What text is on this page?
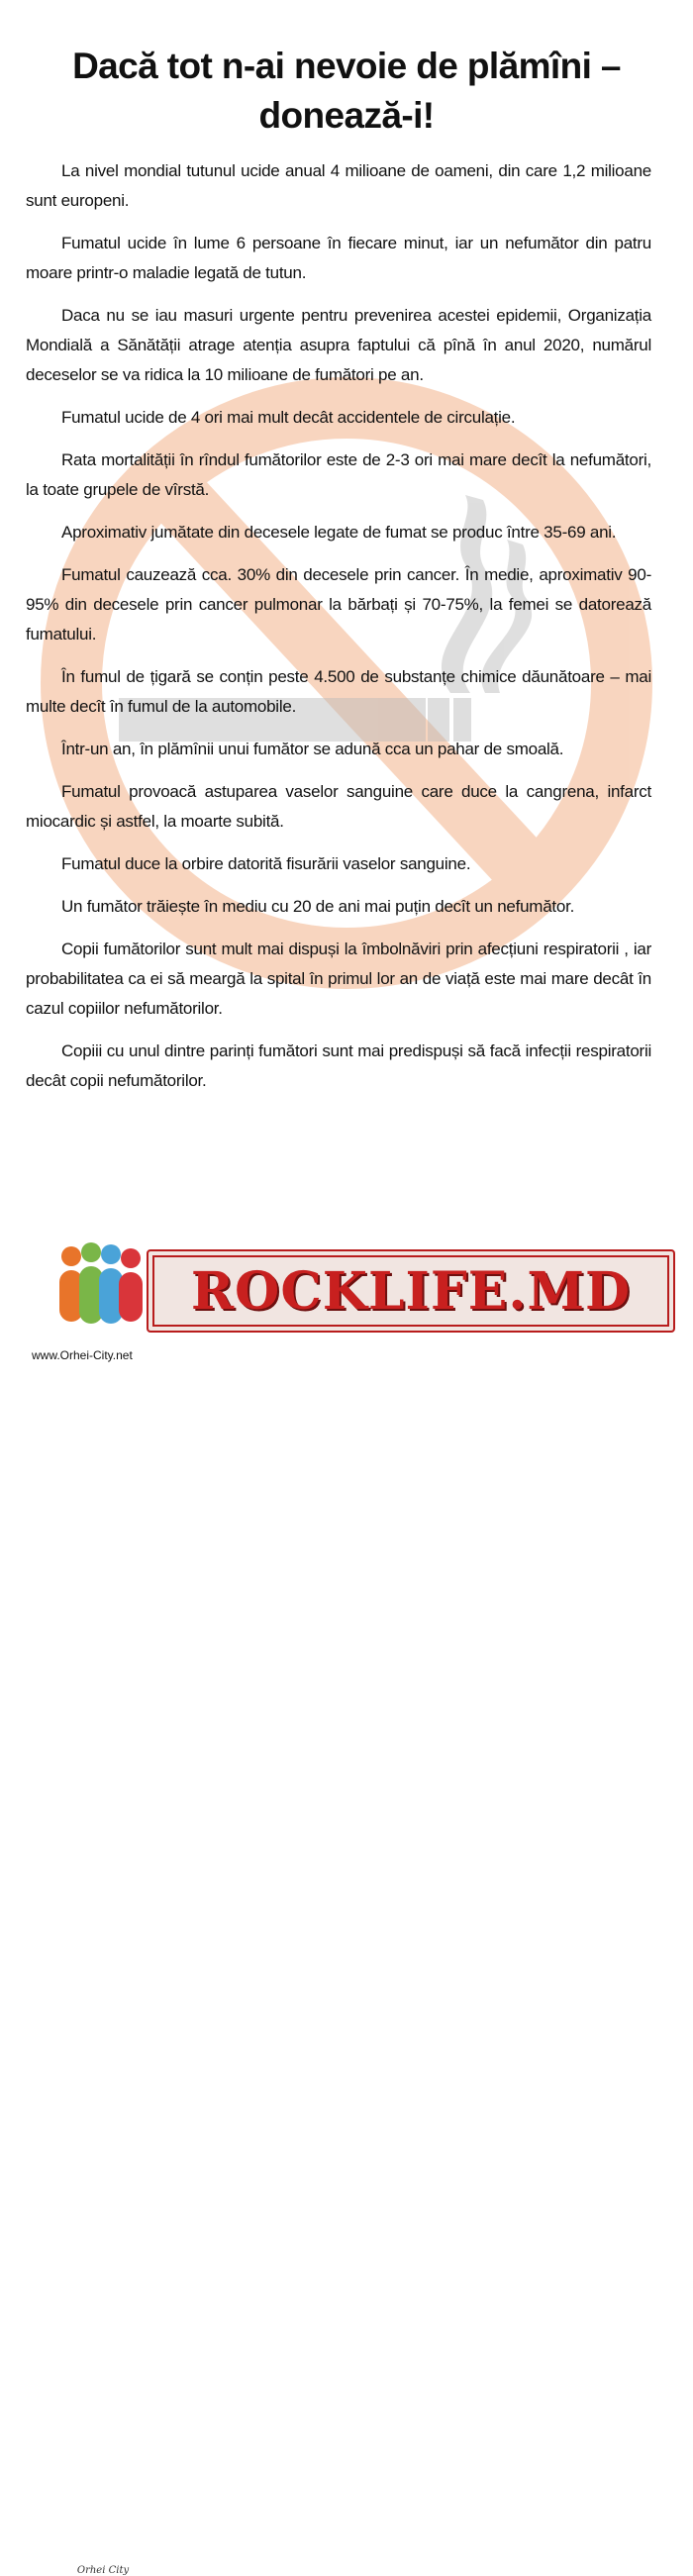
Dacă tot n-ai nevoie de plămîni –
donează-i!

La nivel mondial tutunul ucide anual 4 milioane de oameni, din care 1,2 milioane sunt europeni.

Fumatul ucide în lume 6 persoane în fiecare minut, iar un nefumător din patru moare printr-o maladie legată de tutun.

Daca nu se iau masuri urgente pentru prevenirea acestei epidemii, Organizația Mondială a Sănătății atrage atenția asupra faptului că pînă în anul 2020, numărul deceselor se va ridica la 10 milioane de fumători pe an.

Fumatul ucide de 4 ori mai mult decât accidentele de circulație.

Rata mortalității în rîndul fumătorilor este de 2-3 ori mai mare decît la nefumători, la toate grupele de vîrstă.

Aproximativ jumătate din decesele legate de fumat se produc între 35-69 ani.

Fumatul cauzează cca. 30% din decesele prin cancer. În medie, aproximativ 90-95% din decesele prin cancer pulmonar la bărbați și 70-75%, la femei se datorează fumatului.

În fumul de țigară se conțin peste 4.500 de substanțe chimice dăunătoare – mai multe decît în fumul de la automobile.

Într-un an, în plămînii unui fumător se adună cca un pahar de smoală.

Fumatul provoacă astuparea vaselor sanguine care duce la cangrena, infarct miocardic și astfel, la moarte subită.

Fumatul duce la orbire datorită fisurării vaselor sanguine.

Un fumător trăiește în mediu cu 20 de ani mai puțin decît un nefumător.

Copii fumătorilor sunt mult mai dispuși la îmbolnăviri prin afecțiuni respiratorii , iar probabilitatea ca ei să meargă la spital în primul lor an de viață este mai mare decât în cazul copiilor nefumătorilor.

Copiii cu unul dintre parinți fumători sunt mai predispuși să facă infecții respiratorii decât copii nefumătorilor.

Orhei City
www.Orhei-City.net
ROCKLIFE.MD
